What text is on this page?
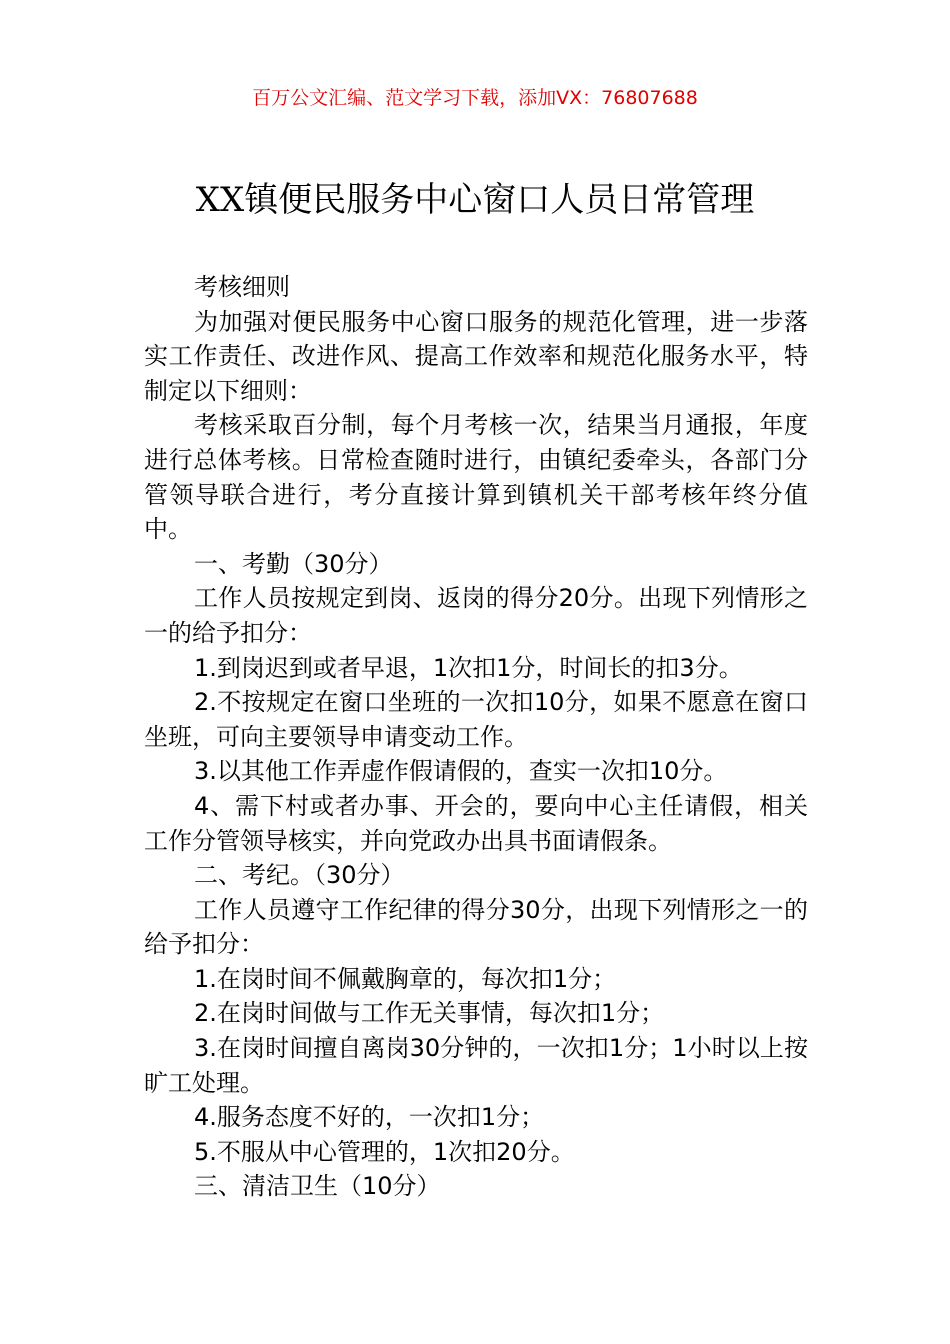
百万公文汇编、范文学习下载，添加VX：76807688
XX镇便民服务中心窗口人员日常管理

考核细则

为加强对便民服务中心窗口服务的规范化管理，进一步落实工作责任、改进作风、提高工作效率和规范化服务水平，特制定以下细则：

考核采取百分制，每个月考核一次，结果当月通报，年度进行总体考核。日常检查随时进行，由镇纪委牵头，各部门分管领导联合进行，考分直接计算到镇机关干部考核年终分值中。

一、考勤（30分）

工作人员按规定到岗、返岗的得分20分。出现下列情形之一的给予扣分：

1.到岗迟到或者早退，1次扣1分，时间长的扣3分。

2.不按规定在窗口坐班的一次扣10分，如果不愿意在窗口坐班，可向主要领导申请变动工作。

3.以其他工作弄虚作假请假的，查实一次扣10分。

4、需下村或者办事、开会的，要向中心主任请假，相关工作分管领导核实，并向党政办出具书面请假条。

二、考纪。（30分）

工作人员遵守工作纪律的得分30分，出现下列情形之一的给予扣分：

1.在岗时间不佩戴胸章的，每次扣1分；

2.在岗时间做与工作无关事情，每次扣1分；

3.在岗时间擅自离岗30分钟的，一次扣1分；1小时以上按旷工处理。

4.服务态度不好的，一次扣1分；

5.不服从中心管理的，1次扣20分。

三、清洁卫生（10分）
